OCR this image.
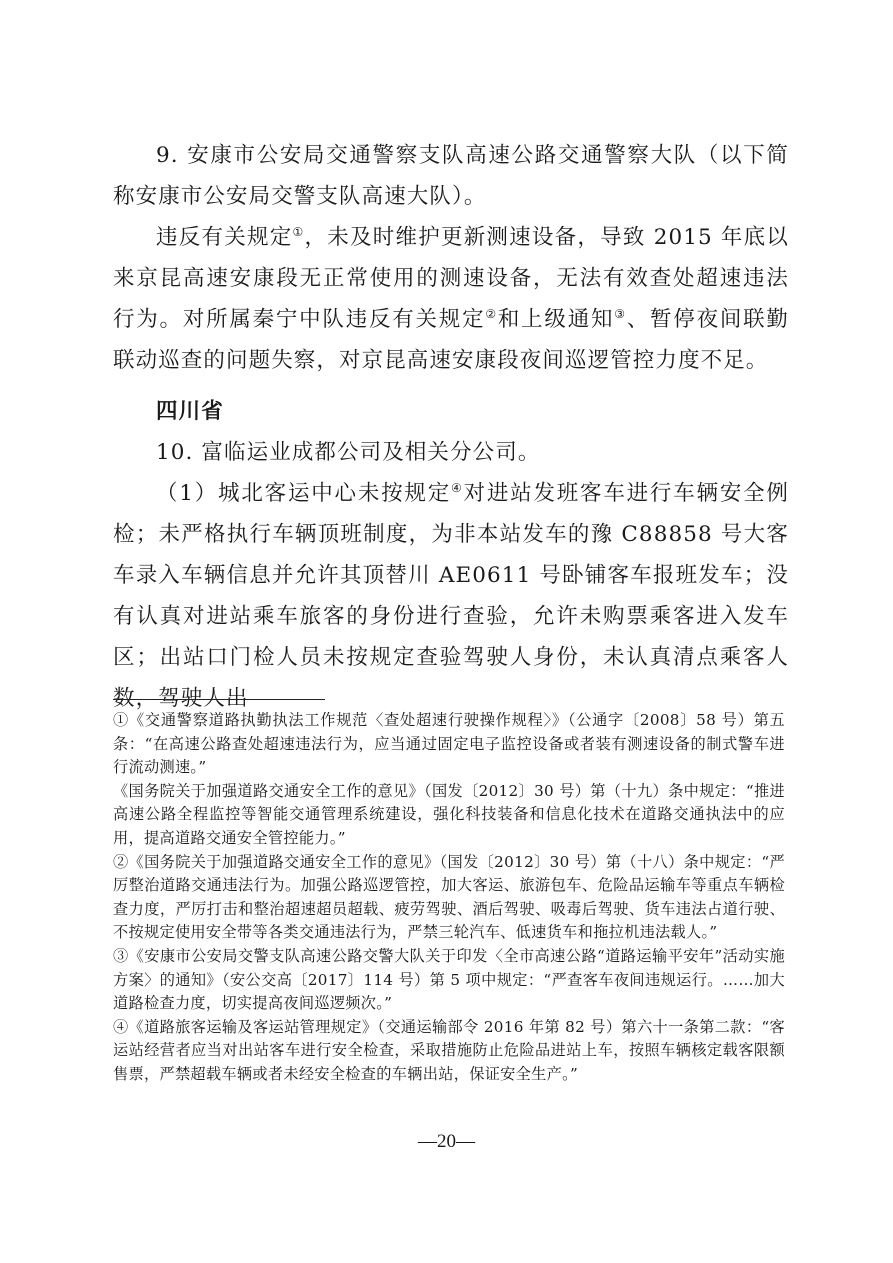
9. 安康市公安局交通警察支队高速公路交通警察大队（以下简称安康市公安局交警支队高速大队）。

违反有关规定①，未及时维护更新测速设备，导致 2015 年底以来京昆高速安康段无正常使用的测速设备，无法有效查处超速违法行为。对所属秦宁中队违反有关规定②和上级通知③、暂停夜间联勤联动巡查的问题失察，对京昆高速安康段夜间巡逻管控力度不足。

四川省

10. 富临运业成都公司及相关分公司。

（1）城北客运中心未按规定④对进站发班客车进行车辆安全例检；未严格执行车辆顶班制度，为非本站发车的豫 C88858 号大客车录入车辆信息并允许其顶替川 AE0611 号卧铺客车报班发车；没有认真对进站乘车旅客的身份进行查验，允许未购票乘客进入发车区；出站口门检人员未按规定查验驾驶人身份，未认真清点乘客人数，驾驶人出

①《交通警察道路执勤执法工作规范〈查处超速行驶操作规程〉》（公通字〔2008〕58 号）第五条：“在高速公路查处超速违法行为，应当通过固定电子监控设备或者装有测速设备的制式警车进行流动测速。”

《国务院关于加强道路交通安全工作的意见》（国发〔2012〕30 号）第（十九）条中规定：“推进高速公路全程监控等智能交通管理系统建设，强化科技装备和信息化技术在道路交通执法中的应用，提高道路交通安全管控能力。”

②《国务院关于加强道路交通安全工作的意见》（国发〔2012〕30 号）第（十八）条中规定：“严厉整治道路交通违法行为。加强公路巡逻管控，加大客运、旅游包车、危险品运输车等重点车辆检查力度，严厉打击和整治超速超员超载、疲劳驾驶、酒后驾驶、吸毒后驾驶、货车违法占道行驶、不按规定使用安全带等各类交通违法行为，严禁三轮汽车、低速货车和拖拉机违法载人。”

③《安康市公安局交警支队高速公路交警大队关于印发〈全市高速公路“道路运输平安年”活动实施方案〉的通知》（安公交高〔2017〕114 号）第 5 项中规定：“严查客车夜间违规运行。……加大道路检查力度，切实提高夜间巡逻频次。”

④《道路旅客运输及客运站管理规定》（交通运输部令 2016 年第 82 号）第六十一条第二款：“客运站经营者应当对出站客车进行安全检查，采取措施防止危险品进站上车，按照车辆核定载客限额售票，严禁超载车辆或者未经安全检查的车辆出站，保证安全生产。”

—20—
